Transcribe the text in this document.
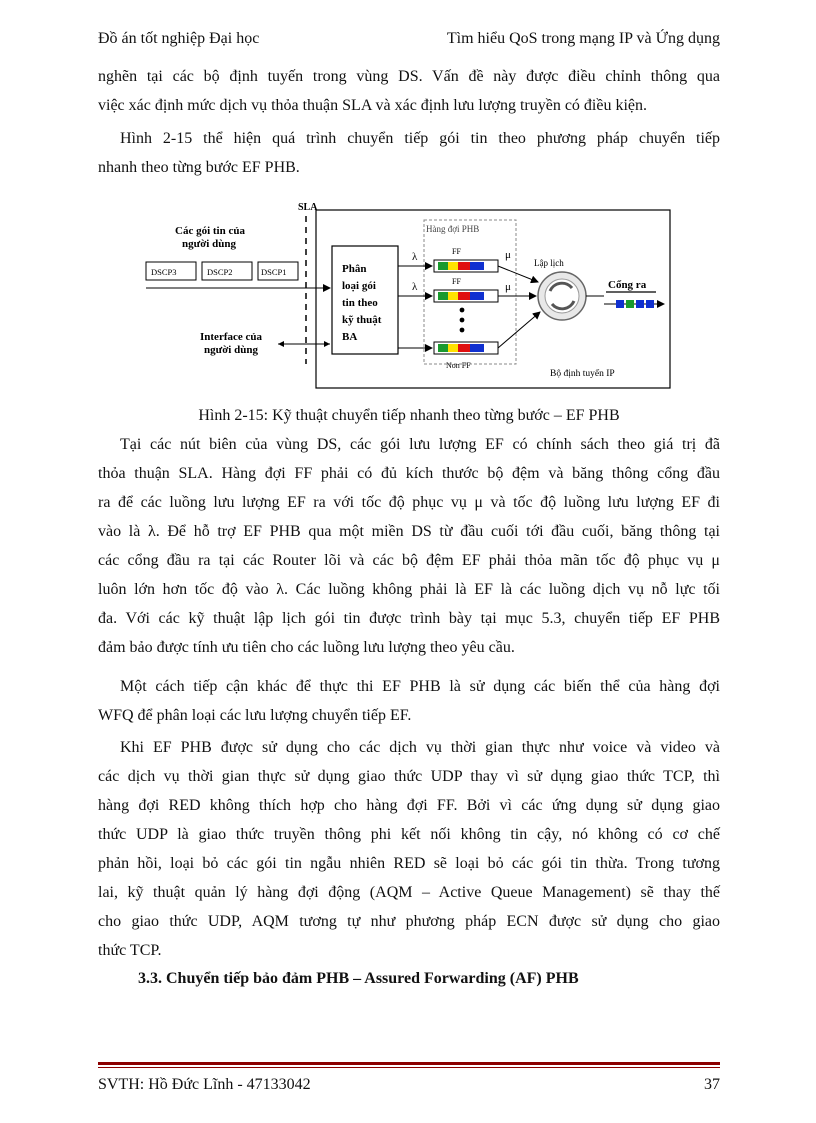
Đồ án tốt nghiệp Đại học	Tìm hiểu QoS trong mạng IP và Ứng dụng
nghẽn tại các bộ định tuyến trong vùng DS. Vấn đề này được điều chỉnh thông qua
việc xác định mức dịch vụ thỏa thuận SLA và xác định lưu lượng truyền có điều kiện.
Hình 2-15 thể hiện quá trình chuyển tiếp gói tin theo phương pháp chuyển tiếp
nhanh theo từng bước EF PHB.
SLA
Các gói tin của
người dùng
DSCP3	DSCP2	DSCP1
Interface của
người dùng
Phân
loại gói
tin theo
kỹ thuật
BA
Hàng đợi PHB
λ	FF	μ
λ	FF	μ
Non FF
Lập lịch
Cổng ra
Bộ định tuyến IP
Hình 2-15: Kỹ thuật chuyển tiếp nhanh theo từng bước – EF PHB
Tại các nút biên của vùng DS, các gói lưu lượng EF có chính sách theo giá trị đã
thỏa thuận SLA. Hàng đợi FF phải có đủ kích thước bộ đệm và băng thông cổng đầu
ra để các luồng lưu lượng EF ra với tốc độ phục vụ μ và tốc độ luồng lưu lượng EF đi
vào là λ. Để hỗ trợ EF PHB qua một miền DS từ đầu cuối tới đầu cuối, băng thông tại
các cổng đầu ra tại các Router lõi và các bộ đệm EF phải thỏa mãn tốc độ phục vụ μ
luôn lớn hơn tốc độ vào λ. Các luồng không phải là EF là các luồng dịch vụ nỗ lực tối
đa. Với các kỹ thuật lập lịch gói tin được trình bày tại mục 5.3, chuyển tiếp EF PHB
đảm bảo được tính ưu tiên cho các luồng lưu lượng theo yêu cầu.
Một cách tiếp cận khác để thực thi EF PHB là sử dụng các biến thể của hàng đợi
WFQ để phân loại các lưu lượng chuyển tiếp EF.
Khi EF PHB được sử dụng cho các dịch vụ thời gian thực như voice và video và
các dịch vụ thời gian thực sử dụng giao thức UDP thay vì sử dụng giao thức TCP, thì
hàng đợi RED không thích hợp cho hàng đợi FF. Bởi vì các ứng dụng sử dụng giao
thức UDP là giao thức truyền thông phi kết nối không tin cậy, nó không có cơ chế
phản hồi, loại bỏ các gói tin ngẫu nhiên RED sẽ loại bỏ các gói tin thừa. Trong tương
lai, kỹ thuật quản lý hàng đợi động (AQM – Active Queue Management) sẽ thay thế
cho giao thức UDP, AQM tương tự như phương pháp ECN được sử dụng cho giao
thức TCP.
3.3. Chuyển tiếp bảo đảm PHB – Assured Forwarding (AF) PHB
SVTH: Hồ Đức Lĩnh - 47133042	37
